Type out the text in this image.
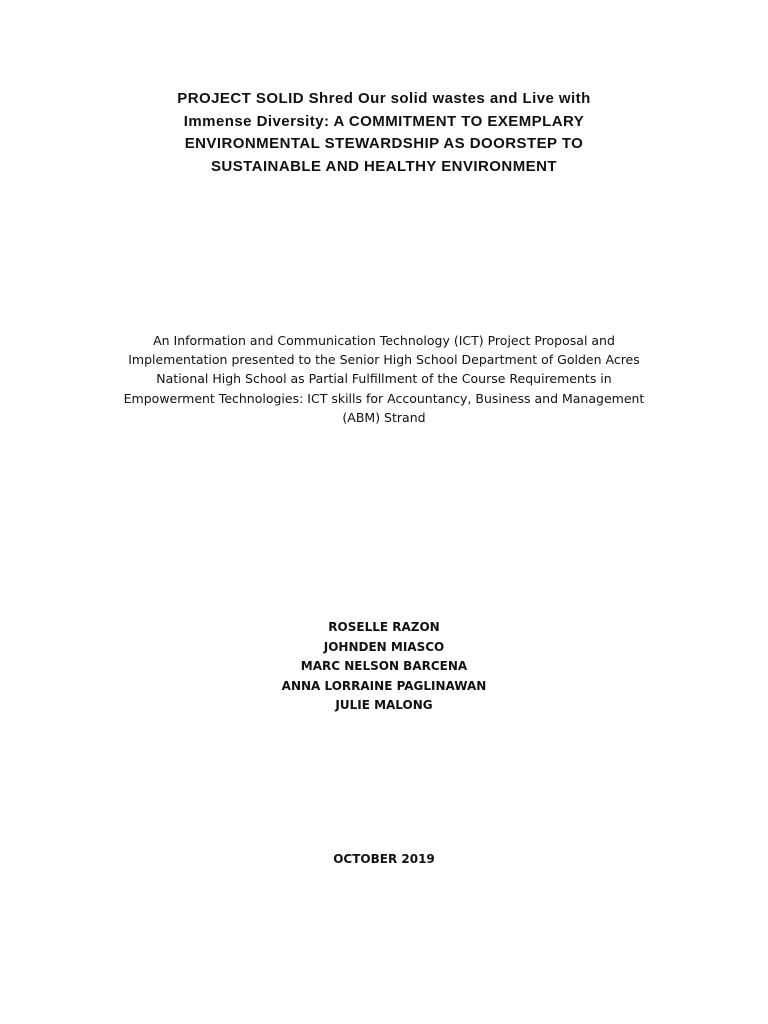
PROJECT SOLID Shred Our solid wastes and Live with
Immense Diversity: A COMMITMENT TO EXEMPLARY
ENVIRONMENTAL STEWARDSHIP AS DOORSTEP TO
SUSTAINABLE AND HEALTHY ENVIRONMENT
An Information and Communication Technology (ICT) Project Proposal and
Implementation presented to the Senior High School Department of Golden Acres
National High School as Partial Fulfillment of the Course Requirements in
Empowerment Technologies: ICT skills for Accountancy, Business and Management
(ABM) Strand
ROSELLE RAZON
JOHNDEN MIASCO
MARC NELSON BARCENA
ANNA LORRAINE PAGLINAWAN
JULIE MALONG
OCTOBER 2019
